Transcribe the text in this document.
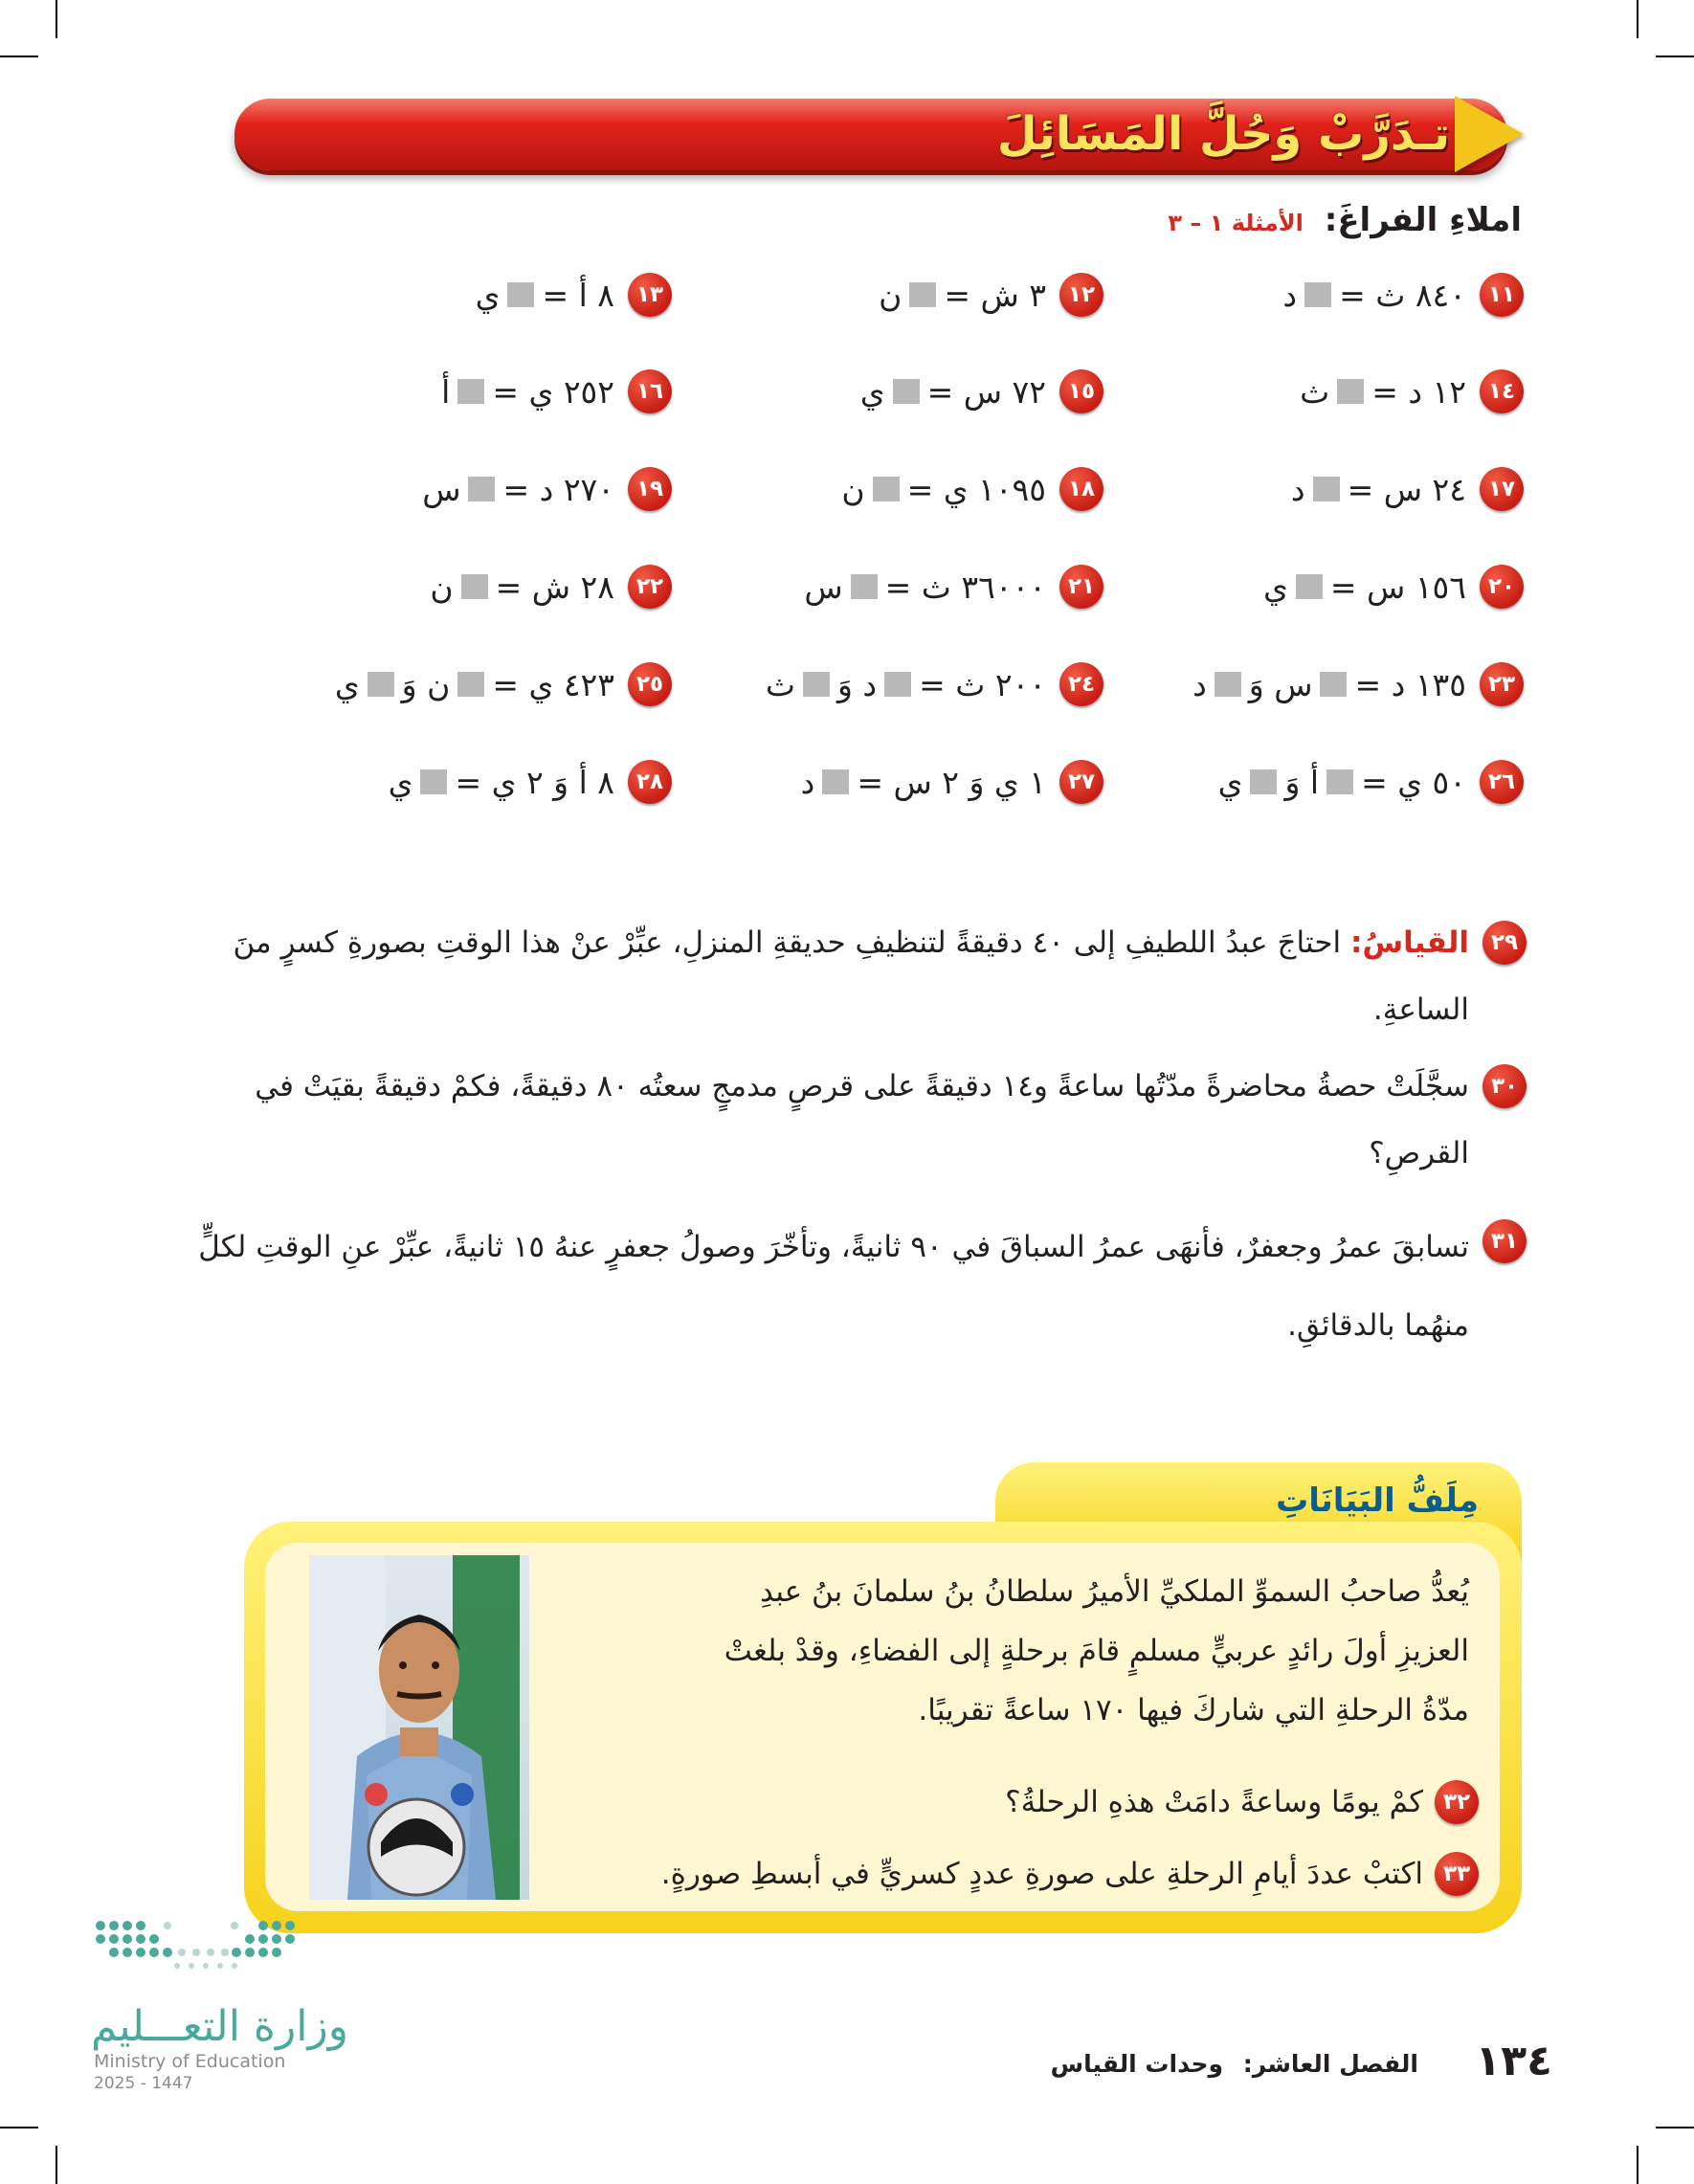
تـدَرَّبْ وَحُلَّ المَسَائِلَ
املاءِ الفراغَ: الأمثلة ١ – ٣
١١
٨٤٠ ث =
د
١٢
٣ ش =
ن
١٣
٨ أ =
ي
١٤
١٢ د =
ث
١٥
٧٢ س =
ي
١٦
٢٥٢ ي =
أ
١٧
٢٤ س =
د
١٨
١٠٩٥ ي =
ن
١٩
٢٧٠ د =
س
٢٠
١٥٦ س =
ي
٢١
٣٦٠٠٠ ث =
س
٢٢
٢٨ ش =
ن
٢٣
١٣٥ د =
س وَ
د
٢٤
٢٠٠ ث =
د وَ
ث
٢٥
٤٢٣ ي =
ن وَ
ي
٢٦
٥٠ ي =
أ وَ
ي
٢٧
١ ي وَ ٢ س =
د
٢٨
٨ أ وَ ٢ ي =
ي
٢٩
القياسُ: احتاجَ عبدُ اللطيفِ إلى ٤٠ دقيقةً لتنظيفِ حديقةِ المنزلِ، عبِّرْ عنْ هذا الوقتِ بصورةِ كسرٍ منَ الساعةِ.
٣٠
سجَّلَتْ حصةُ محاضرةً مدّتُها ساعةً و١٤ دقيقةً على قرصٍ مدمجٍ سعتُه ٨٠ دقيقةً، فكمْ دقيقةً بقيَتْ في القرصِ؟
٣١
تسابقَ عمرُ وجعفرٌ، فأنهَى عمرُ السباقَ في ٩٠ ثانيةً، وتأخّرَ وصولُ جعفرٍ عنهُ ١٥ ثانيةً، عبِّرْ عنِ الوقتِ لكلٍّ منهُما بالدقائقِ.
مِلَفُّ البَيَانَاتِ
يُعدُّ صاحبُ السموِّ الملكيِّ الأميرُ سلطانُ بنُ سلمانَ بنُ عبدِ العزيزِ أولَ رائدٍ عربيٍّ مسلمٍ قامَ برحلةٍ إلى الفضاءِ، وقدْ بلغتْ مدّةُ الرحلةِ التي شاركَ فيها ١٧٠ ساعةً تقريبًا.
٣٢
كمْ يومًا وساعةً دامَتْ هذهِ الرحلةُ؟
٣٣
اكتبْ عددَ أيامِ الرحلةِ على صورةِ عددٍ كسريٍّ في أبسطِ صورةٍ.
وزارة التعـــليم
Ministry of Education
2025 - 1447	١٣٤
الفصل العاشر: وحدات القياس
